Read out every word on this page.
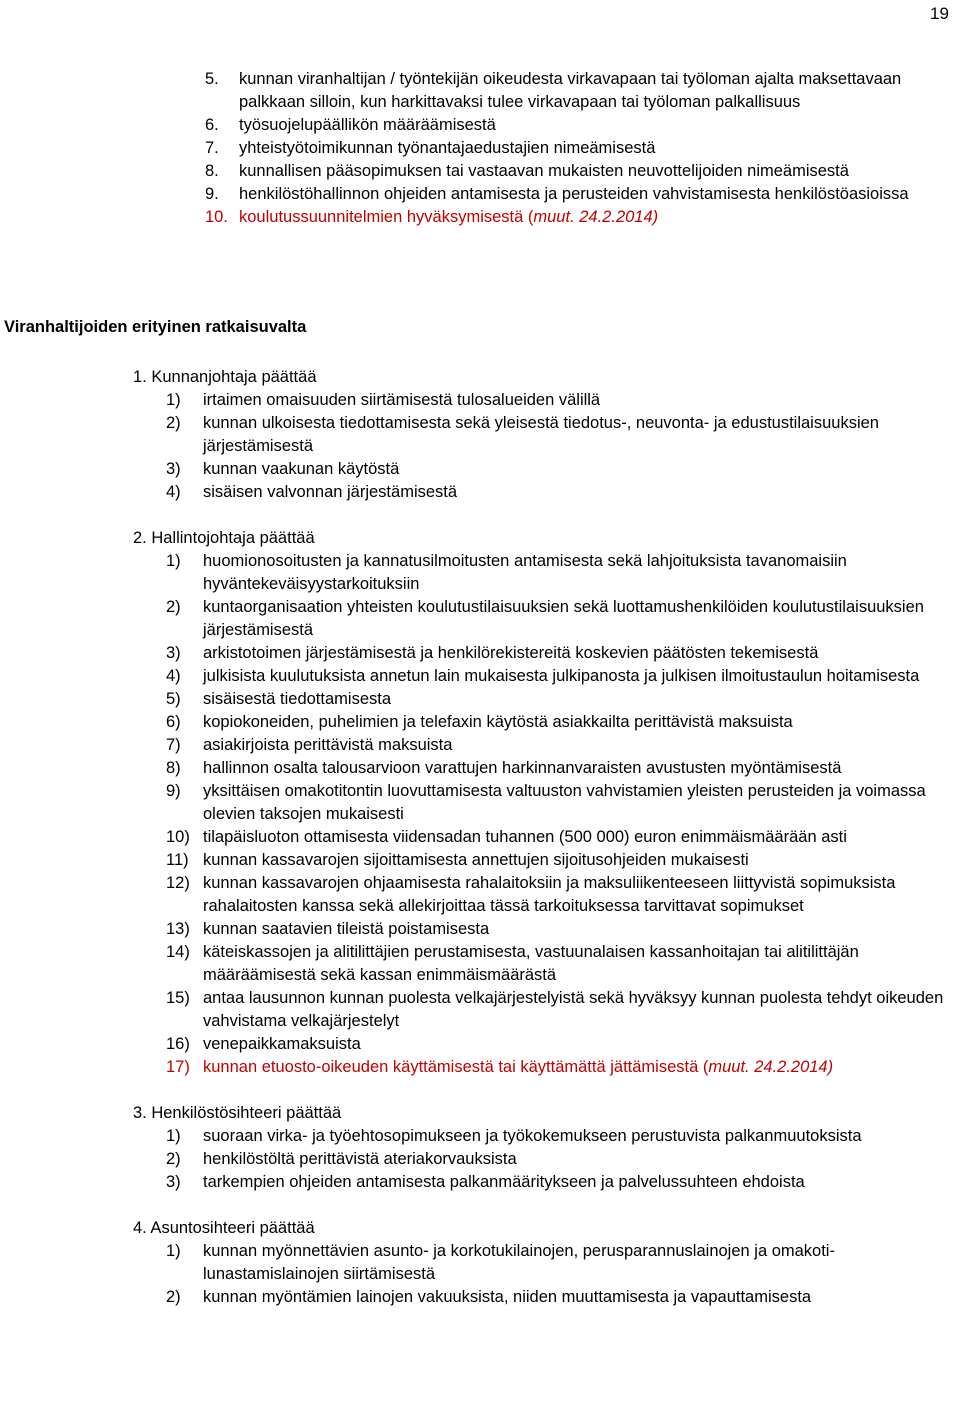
19
5. kunnan viranhaltijan / työntekijän oikeudesta virkavapaan tai työloman ajalta maksettavaan palkkaan silloin, kun harkittavaksi tulee virkavapaan tai työloman palkallisuus
6. työsuojelupäällikön määräämisestä
7. yhteistyötoimikunnan työnantajaedustajien nimeämisestä
8. kunnallisen pääsopimuksen tai vastaavan mukaisten neuvottelijoiden nimeämisestä
9. henkilöstöhallinnon ohjeiden antamisesta ja perusteiden vahvistamisesta henkilöstöasioissa
10. koulutussuunnitelmien hyväksymisestä (muut. 24.2.2014)
Viranhaltijoiden erityinen ratkaisuvalta

1. Kunnanjohtaja päättää

1) irtaimen omaisuuden siirtämisestä tulosalueiden välillä
2) kunnan ulkoisesta tiedottamisesta sekä yleisestä tiedotus-, neuvonta- ja edustustilaisuuksien järjestämisestä
3) kunnan vaakunan käytöstä
4) sisäisen valvonnan järjestämisestä

2. Hallintojohtaja päättää

1) huomionosoitusten ja kannatusilmoitusten antamisesta sekä lahjoituksista tavanomaisiin hyväntekeväisyystarkoituksiin
2) kuntaorganisaation yhteisten koulutustilaisuuksien sekä luottamushenkilöiden koulutustilaisuuksien järjestämisestä
3) arkistotoimen järjestämisestä ja henkilörekistereitä koskevien päätösten tekemisestä
4) julkisista kuulutuksista annetun lain mukaisesta julkipanosta ja julkisen ilmoitustaulun hoitamisesta
5) sisäisestä tiedottamisesta
6) kopiokoneiden, puhelimien ja telefaxin käytöstä asiakkailta perittävistä maksuista
7) asiakirjoista perittävistä maksuista
8) hallinnon osalta talousarvioon varattujen harkinnanvaraisten avustusten myöntämisestä
9) yksittäisen omakotitontin luovuttamisesta valtuuston vahvistamien yleisten perusteiden ja voimassa olevien taksojen mukaisesti
10) tilapäisluoton ottamisesta viidensadan tuhannen (500 000) euron enimmäismäärään asti
11) kunnan kassavarojen sijoittamisesta annettujen sijoitusohjeiden mukaisesti
12) kunnan kassavarojen ohjaamisesta rahalaitoksiin ja maksuliikenteeseen liittyvistä sopimuksista rahalaitosten kanssa sekä allekirjoittaa tässä tarkoituksessa tarvittavat sopimukset
13) kunnan saatavien tileistä poistamisesta
14) käteiskassojen ja alitilittäjien perustamisesta, vastuunalaisen kassanhoitajan tai alitilittäjän määräämisestä sekä kassan enimmäismäärästä
15) antaa lausunnon kunnan puolesta velkajärjestelyistä sekä hyväksyy kunnan puolesta tehdyt oikeuden vahvistama velkajärjestelyt
16) venepaikkamaksuista
17) kunnan etuosto-oikeuden käyttämisestä tai käyttämättä jättämisestä (muut. 24.2.2014)

3. Henkilöstösihteeri päättää

1) suoraan virka- ja työehtosopimukseen ja työkokemukseen perustuvista palkanmuutoksista
2) henkilöstöltä perittävistä ateriakorvauksista
3) tarkempien ohjeiden antamisesta palkanmääritykseen ja palvelussuhteen ehdoista

4. Asuntosihteeri päättää

1) kunnan myönnettävien asunto- ja korkotukilainojen, perusparannuslainojen ja omakotilunastamislainojen siirtämisestä
2) kunnan myöntämien lainojen vakuuksista, niiden muuttamisesta ja vapauttamisesta
